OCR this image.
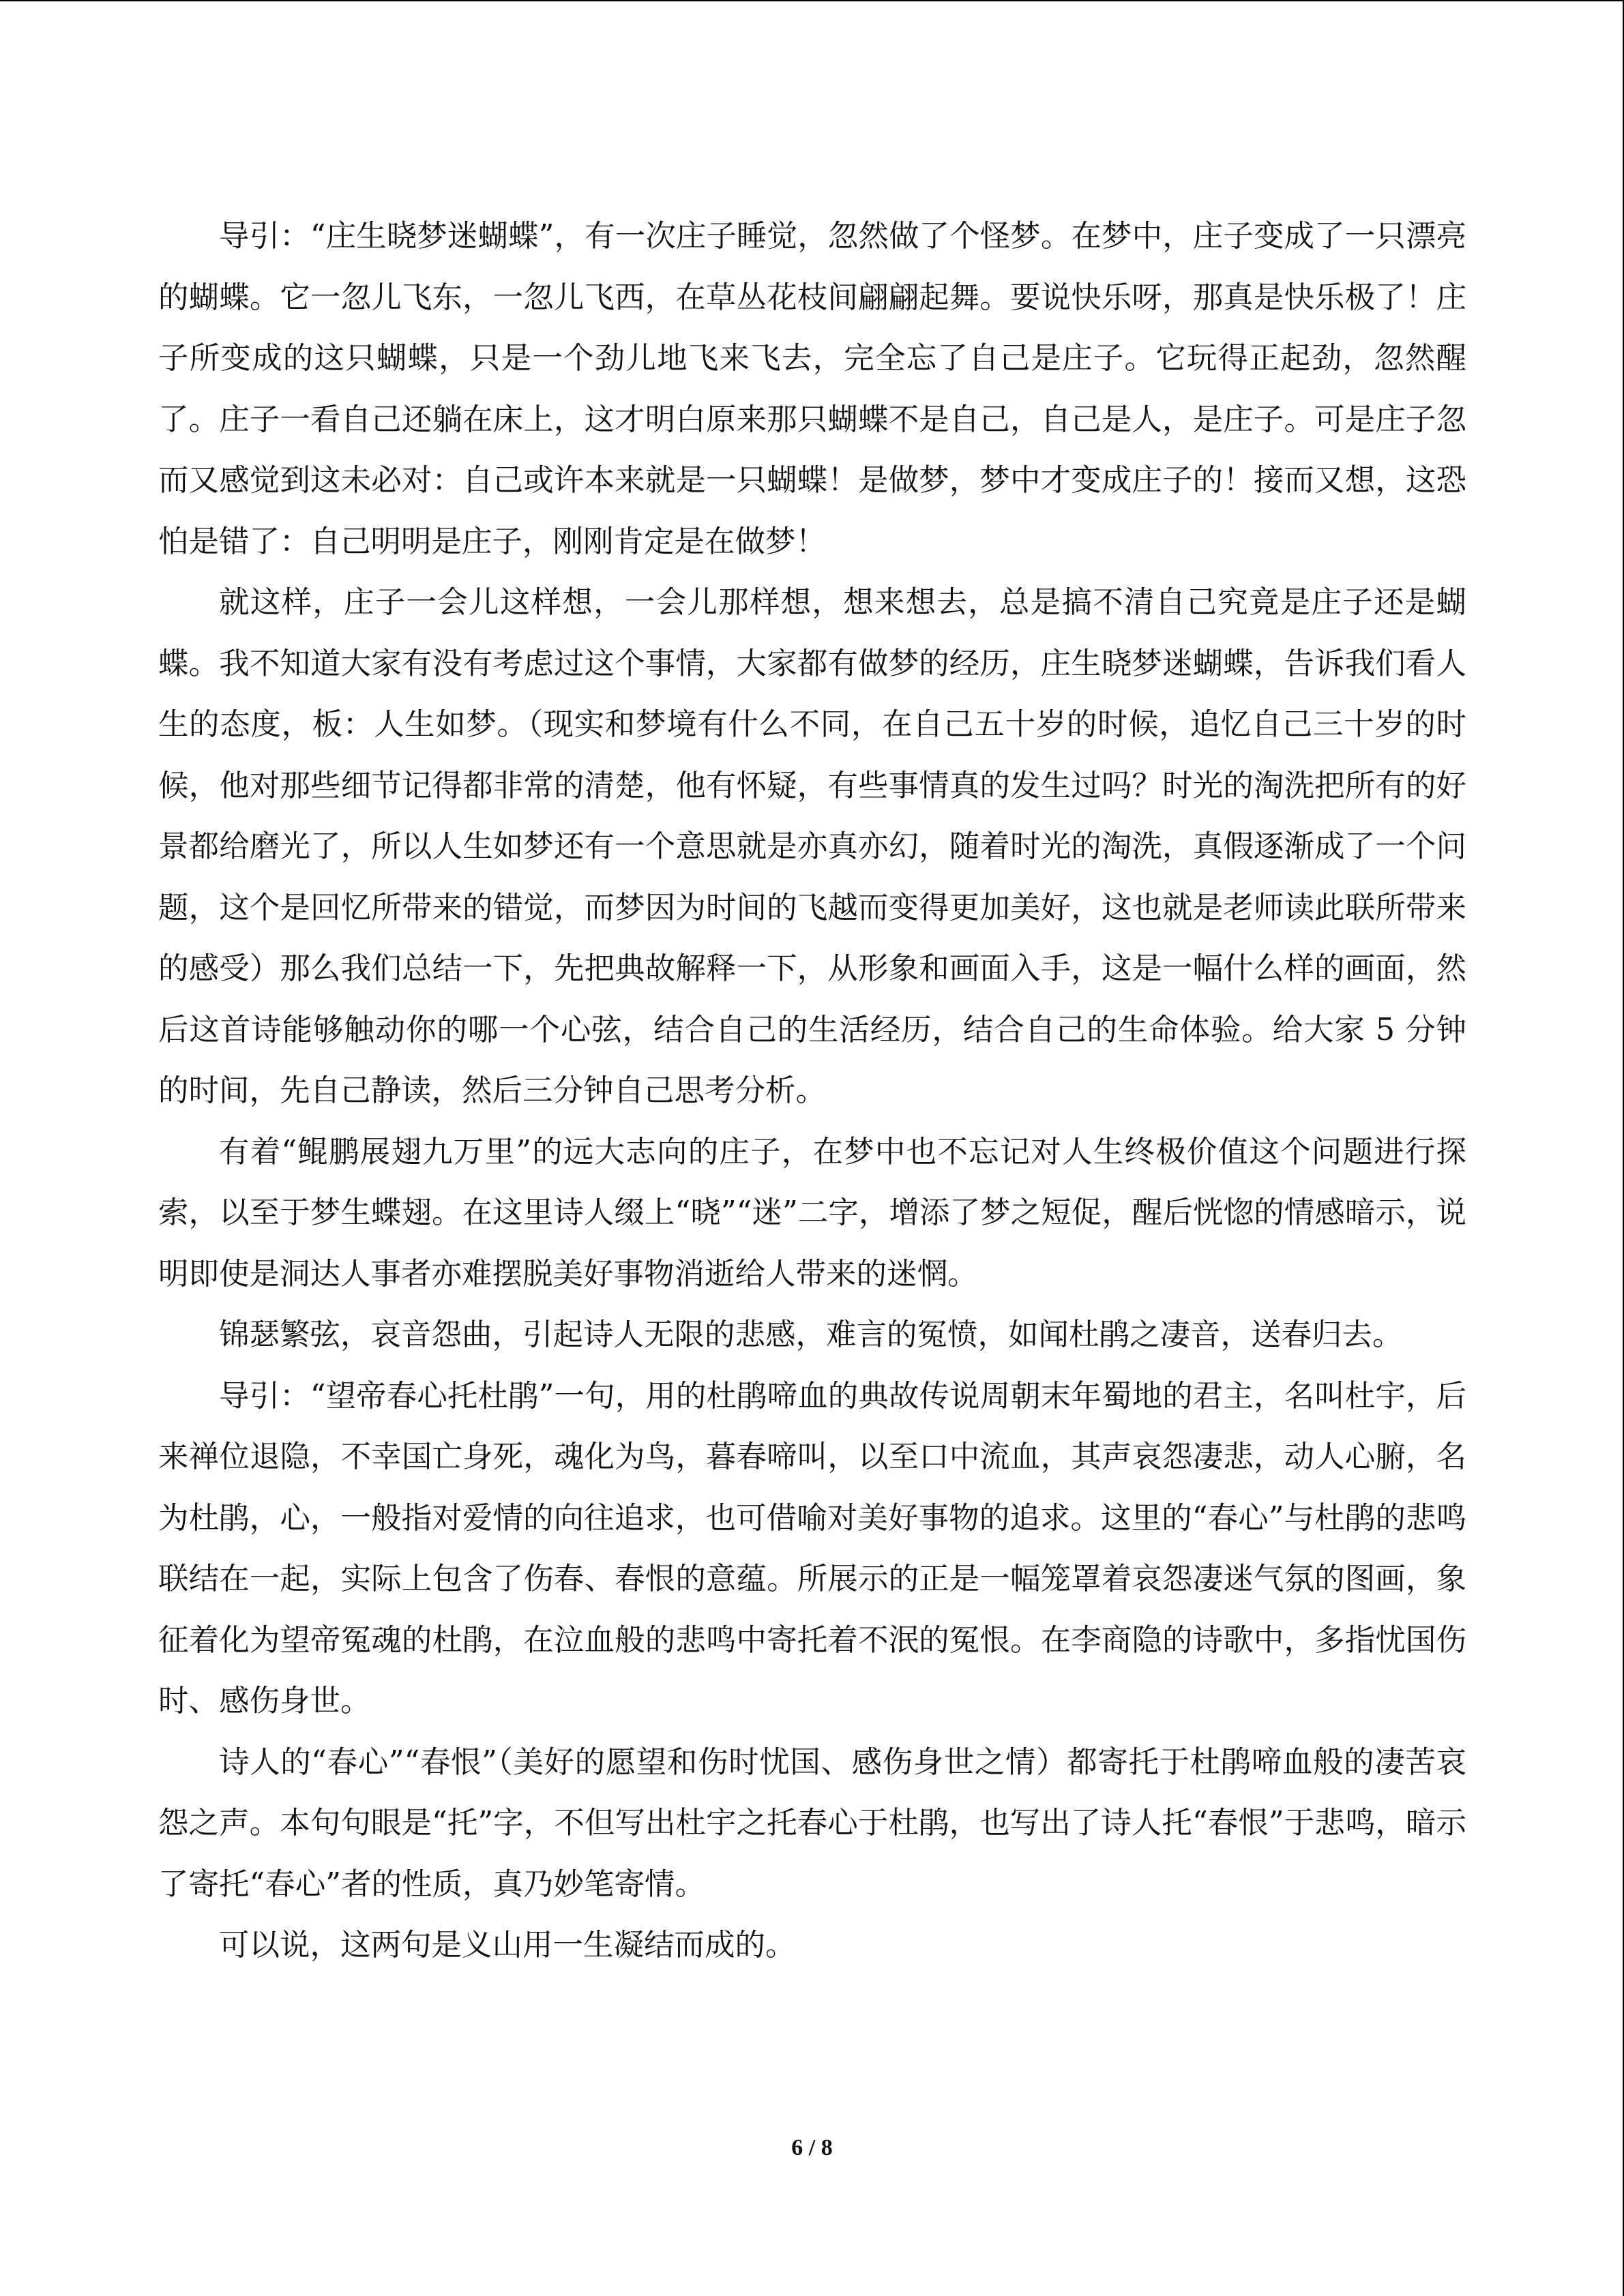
导引：“庄生晓梦迷蝴蝶”，有一次庄子睡觉，忽然做了个怪梦。在梦中，庄子变成了一只漂亮的蝴蝶。它一忽儿飞东，一忽儿飞西，在草丛花枝间翩翩起舞。要说快乐呀，那真是快乐极了！庄子所变成的这只蝴蝶，只是一个劲儿地飞来飞去，完全忘了自己是庄子。它玩得正起劲，忽然醒了。庄子一看自己还躺在床上，这才明白原来那只蝴蝶不是自己，自己是人，是庄子。可是庄子忽而又感觉到这未必对：自己或许本来就是一只蝴蝶！是做梦，梦中才变成庄子的！接而又想，这恐怕是错了：自己明明是庄子，刚刚肯定是在做梦！

就这样，庄子一会儿这样想，一会儿那样想，想来想去，总是搞不清自己究竟是庄子还是蝴蝶。我不知道大家有没有考虑过这个事情，大家都有做梦的经历，庄生晓梦迷蝴蝶，告诉我们看人生的态度，板：人生如梦。（现实和梦境有什么不同，在自己五十岁的时候，追忆自己三十岁的时候，他对那些细节记得都非常的清楚，他有怀疑，有些事情真的发生过吗？时光的淘洗把所有的好景都给磨光了，所以人生如梦还有一个意思就是亦真亦幻，随着时光的淘洗，真假逐渐成了一个问题，这个是回忆所带来的错觉，而梦因为时间的飞越而变得更加美好，这也就是老师读此联所带来的感受）那么我们总结一下，先把典故解释一下，从形象和画面入手，这是一幅什么样的画面，然后这首诗能够触动你的哪一个心弦，结合自己的生活经历，结合自己的生命体验。给大家 5 分钟的时间，先自己静读，然后三分钟自己思考分析。

有着“鲲鹏展翅九万里”的远大志向的庄子，在梦中也不忘记对人生终极价值这个问题进行探索，以至于梦生蝶翅。在这里诗人缀上“晓”“迷”二字，增添了梦之短促，醒后恍惚的情感暗示，说明即使是洞达人事者亦难摆脱美好事物消逝给人带来的迷惘。

锦瑟繁弦，哀音怨曲，引起诗人无限的悲感，难言的冤愤，如闻杜鹃之凄音，送春归去。

导引：“望帝春心托杜鹃”一句，用的杜鹃啼血的典故传说周朝末年蜀地的君主，名叫杜宇，后来禅位退隐，不幸国亡身死，魂化为鸟，暮春啼叫，以至口中流血，其声哀怨凄悲，动人心腑，名为杜鹃，心，一般指对爱情的向往追求，也可借喻对美好事物的追求。这里的“春心”与杜鹃的悲鸣联结在一起，实际上包含了伤春、春恨的意蕴。所展示的正是一幅笼罩着哀怨凄迷气氛的图画，象征着化为望帝冤魂的杜鹃，在泣血般的悲鸣中寄托着不泯的冤恨。在李商隐的诗歌中，多指忧国伤时、感伤身世。

诗人的“春心”“春恨”（美好的愿望和伤时忧国、感伤身世之情）都寄托于杜鹃啼血般的凄苦哀怨之声。本句句眼是“托”字，不但写出杜宇之托春心于杜鹃，也写出了诗人托“春恨”于悲鸣，暗示了寄托“春心”者的性质，真乃妙笔寄情。

可以说，这两句是义山用一生凝结而成的。

6 / 8
